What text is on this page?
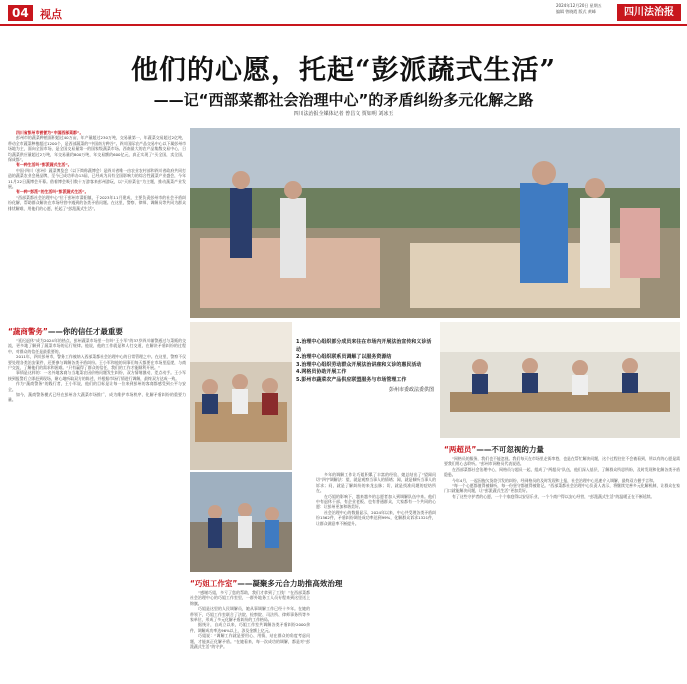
04	视点
2024年12月20日 星期五
编辑 曾晓霞 版式 黄峰	四川法治报
他们的心愿，托起“彭派蔬式生活”
——记“西部菜都社会治理中心”的矛盾纠纷多元化解之路
四川法治报全媒体记者 曾昌文 贾如明 刘冰玉

四川省彭州市被誉为“中国西部菜都”。

彭州市的蔬菜种植面积超过40万亩，年产量超过230万吨，交易量第一，年蔬菜交易超过2亿吨，带动全市蔬菜种植超过1200个，是西部蔬菜的“中国南方种谷”。四川国际农产品交易中心以下属彭州市场地为主，面向全国市场，是全国交易量第一的国家级蔬菜市场。西南最大的农产品集散交易中心，日均蔬菜供应量超过2万吨，年交易量约800万吨，年交易额约600亿元，真正实现了“买全国，卖全国，保成都”。

有一种生活叫“彭派蔬式生活”。

中国·四川（彭州）蔬菜博览会（以下简称蔬博会）是四川省唯一由农业农村部和四川省政府共同打造的蔬菜农业会展品牌，至今已成功举办13届，已经成为具有全国影响力的综合性蔬菜产业盛会，今年11月22日蔬博会开幕。借着博会吸引数十万游客来彭州游玩，以“天府菜仓”为主题，推动蔬菜产业发展。

有一种“彭派”的生活叫“彭派蔬式生活”。

“西部菜都社会治理中心”位于彭州市濛阳镇，于2023年11月建成，主要负责彭州市的社会矛盾纠纷化解，帮助群众解决在市场经营中遇到的各类矛盾问题。在这里，警察、律师、调解员等共同为群众排忧解难，用他们的心愿，托起了“彭派蔬式生活”。

“蔬商警务”——你的信任才最重要

“延迟退休”成为2024年的热点，彭州蔬菜市场里一位叫“王小军”的37岁四川辅警通过与菜贩的交流，更多地了解到了蔬菜市场的运行规律。他说，他的工作就是和人打交道，在解决矛盾纠纷的过程中，对群众的信任是最重要的。

2011年，四川彭州市，警务工作被纳入西部菜都社会治理中心的日常管理之中。在这里，警察不仅要处理各类治安案件，还要参与调解各类矛盾纠纷。王小军和他的同事们每天都要在市场里巡逻，与商户交流，了解他们的需求和困难。“只有赢得了群众的信任，我们的工作才能顺利开展。”

事情是这样的：一名外地客商与当地菜农因价格问题发生纠纷，双方情绪激动，差点动手。王小军接到报警后立即赶到现场，耐心地听取双方的陈述，并根据市场行情进行调解，最终双方达成一致。

作为“蔬商警务”的践行者，王小军说，他们的目标是让每一位来到彭州的客商都感受到公平与安全。

如今，蔬商警务模式已经在彭州各大蔬菜市场推广，成为维护市场秩序、化解矛盾纠纷的重要力量。

1.治理中心组织部分成员来往在市场内开展法治宣传和义诊活动
2.治理中心组织联系员调解了以服务资源结
3.治理中心组织劳动群众开展法治讲座和义诊的惠民活动
4.网格员协助开展工作
5.彭州市蔬菜农产品供应联盟服务与市场管理工作
彭州市委政法委供图
“巧姐工作室”——凝聚多元合力助推高效治理

“感谢巧姐，多亏了您的帮助，我们才拿到了工钱！”在西部菜都社会治理中心的巧姐工作室里，一群外地务工人员专程来到这里送上锦旗。

巧姐是这里的人民调解员，她从事调解工作已经十多年。在她的带领下，巧姐工作室联合了法院、检察院、司法所、律师事务所等多家单位，形成了多元化解矛盾纠纷的工作格局。

据统计，自成立以来，巧姐工作室共调解各类矛盾纠纷2000余件，调解成功率达96%以上，涉及金额上亿元。

巧姐说：“调解工作就是要用心、用情，站在群众的角度考虑问题，才能真正化解矛盾。”在她看来，每一次成功的调解，都是对“彭派蔬式生活”的守护。

多年的调解工作让巧姐积累了丰富的经验，她总结出了“望闻问切”四字调解法：望，就是观察当事人的情绪；闻，就是倾听当事人的诉求；问，就是了解纠纷的来龙去脉；切，就是找准问题的症结所在。

在巧姐的影响下，越来越多的志愿者加入到调解队伍中来。他们中有退休干部、有企业老板、也有普通群众，大家都有一个共同的心愿：让彭州更加和谐美好。

社会治理中心的数据显示，2024年以来，中心共受理各类矛盾纠纷1562件，矛盾纠纷调处成功率达到99%，化解群众诉求1321件，让群众满意率不断提升。

“两超员”——不可忽视的力量

“网格员的服务，我们也不能忽视。我们每天在市场里走街串巷，也是在帮忙解决问题，这个过程往往不会被看到，所以有的心愿是需要我们用心去聆听。”彭州市网格员代表说道。

在西部菜都社会治理中心，网格员与超员一起，组成了“两超员”队伍，他们深入基层，了解群众所思所盼，及时发现和化解各类矛盾隐患。

今年4月，一起因拖欠货款引发的纠纷，经网格员的及时发现和上报，社会治理中心迅速介入调解，最终双方握手言和。

“每一个心愿都值得被倾听，每一份坚守都值得被铭记。”西部菜都社会治理中心负责人表示，将继续完善多元化解机制，让群众在家门口就能解决问题，让“彭派蔬式生活”更加美好。

有了这些守护者的心愿，一个个家庭得以安居乐业，一个个商户得以安心经营，“彭派蔬式生活”的温暖正在不断延续。
